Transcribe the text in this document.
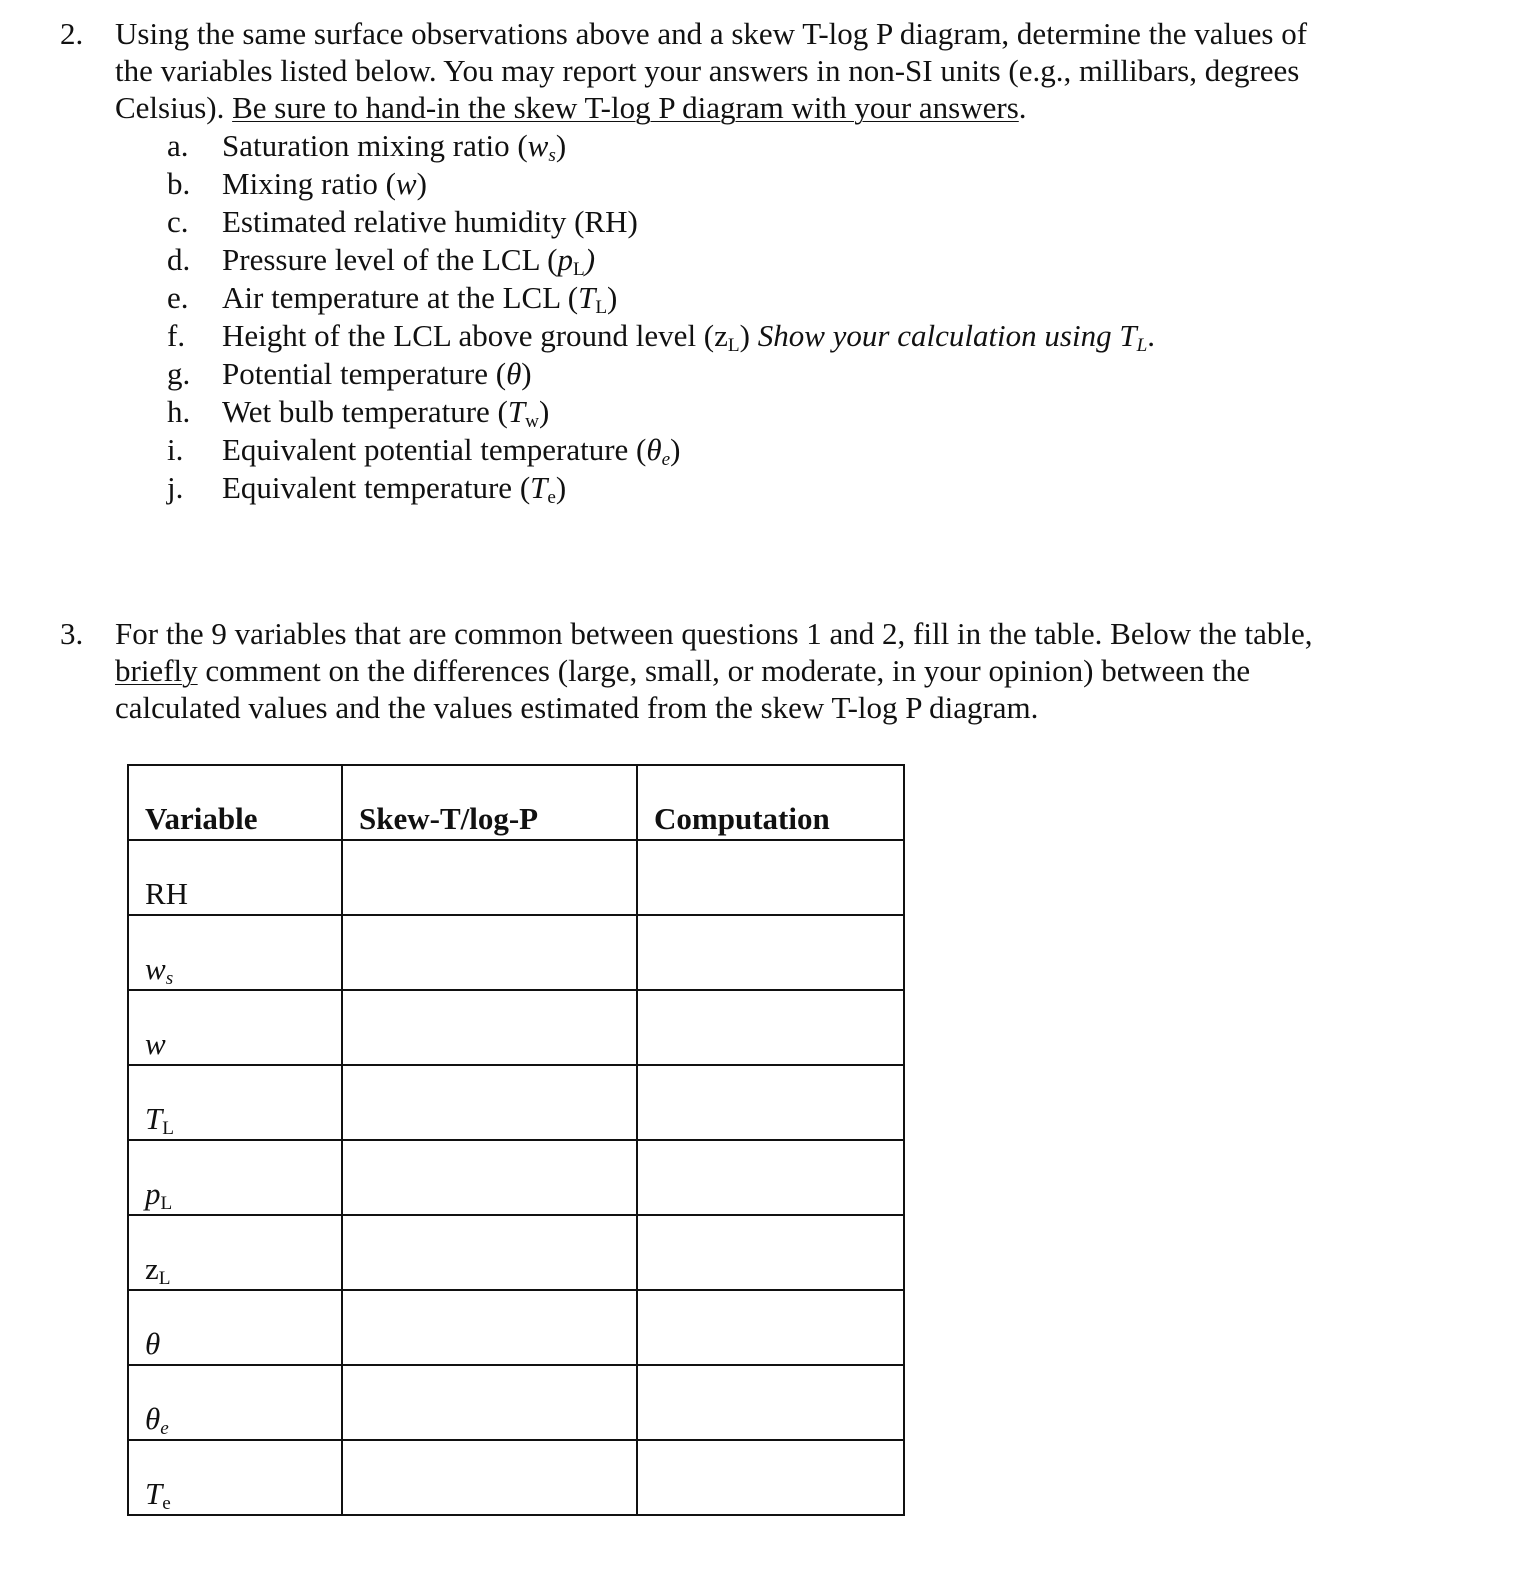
2. Using the same surface observations above and a skew T-log P diagram, determine the values of
the variables listed below. You may report your answers in non-SI units (e.g., millibars, degrees
Celsius). Be sure to hand-in the skew T-log P diagram with your answers.
a.	Saturation mixing ratio $(w_s)$
b.	Mixing ratio (w)
c.	Estimated relative humidity (RH)
d.	Pressure level of the LCL $(p_L)$
e.	Air temperature at the LCL $(T_L)$
f.	Height of the LCL above ground level $(z_L)$ Show your calculation using $T_L$.
g.	Potential temperature (θ)
h.	Wet bulb temperature $(T_w)$
i.	Equivalent potential temperature $(\theta_e)$
j.	Equivalent temperature $(T_e)$
3. For the 9 variables that are common between questions 1 and 2, fill in the table. Below the table,
briefly comment on the differences (large, small, or moderate, in your opinion) between the
calculated values and the values estimated from the skew T-log P diagram.
Variable	Skew-T/log-P	Computation

RH		

$w_s$

w		

$T_L$

$p_L$

$z_L$

θ		

$\theta_e$

$T_e$
